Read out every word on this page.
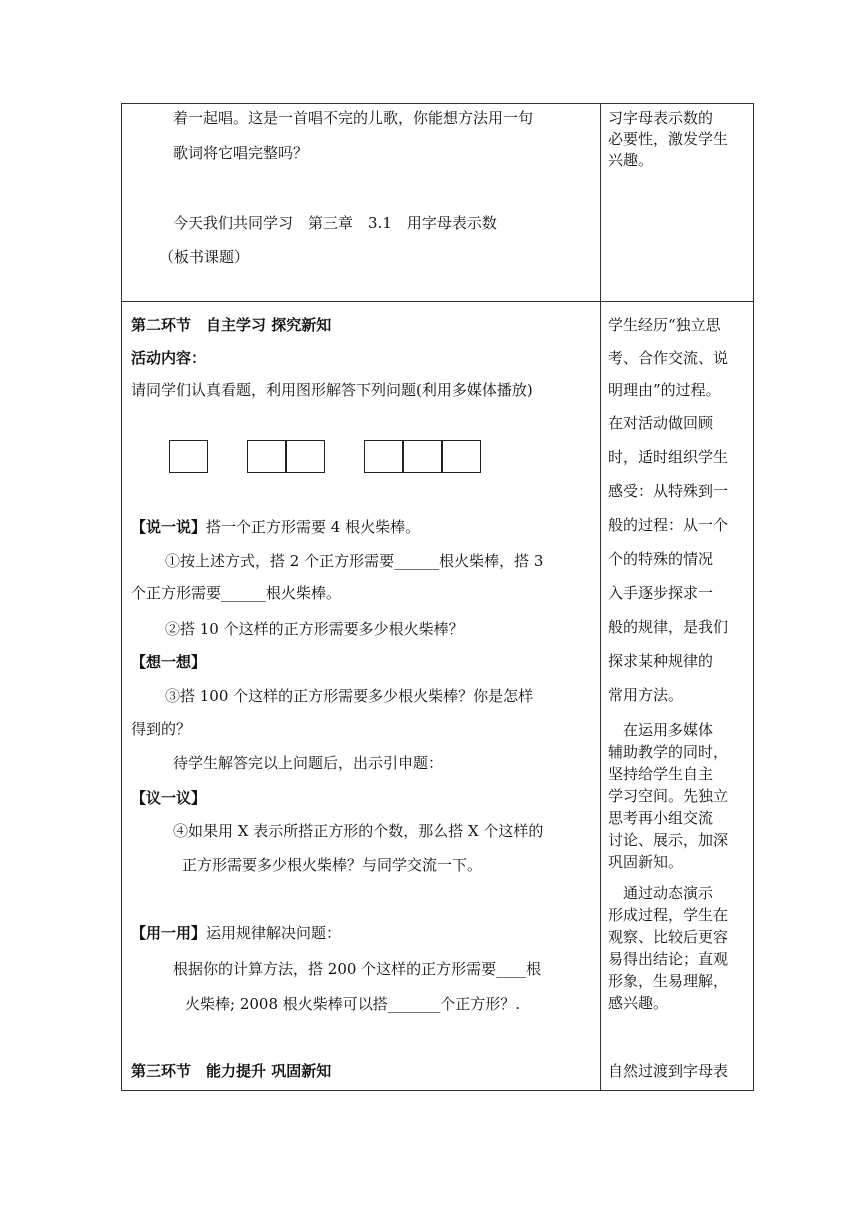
着一起唱。这是一首唱不完的儿歌，你能想方法用一句
歌词将它唱完整吗？
今天我们共同学习　第三章　3.1　用字母表示数
（板书课题）
习字母表示数的
必要性，激发学生
兴趣。
第二环节　自主学习 探究新知
活动内容：
请同学们认真看题，利用图形解答下列问题(利用多媒体播放)
【说一说】搭一个正方形需要 4 根火柴棒。
①按上述方式，搭 2 个正方形需要______根火柴棒，搭 3
个正方形需要______根火柴棒。
②搭 10 个这样的正方形需要多少根火柴棒？
【想一想】
③搭 100 个这样的正方形需要多少根火柴棒？你是怎样
得到的？
待学生解答完以上问题后，出示引申题：
【议一议】
④如果用 X 表示所搭正方形的个数，那么搭 X 个这样的
正方形需要多少根火柴棒？与同学交流一下。
【用一用】运用规律解决问题：
根据你的计算方法，搭 200 个这样的正方形需要____根
火柴棒; 2008 根火柴棒可以搭_______个正方形？.
第三环节　能力提升 巩固新知
学生经历“独立思
考、合作交流、说
明理由”的过程。
在对活动做回顾
时，适时组织学生
感受：从特殊到一
般的过程：从一个
个的特殊的情况
入手逐步探求一
般的规律，是我们
探求某种规律的
常用方法。
　在运用多媒体
辅助教学的同时，
坚持给学生自主
学习空间。先独立
思考再小组交流
讨论、展示，加深
巩固新知。
　通过动态演示
形成过程，学生在
观察、比较后更容
易得出结论；直观
形象，生易理解，
感兴趣。
自然过渡到字母表
